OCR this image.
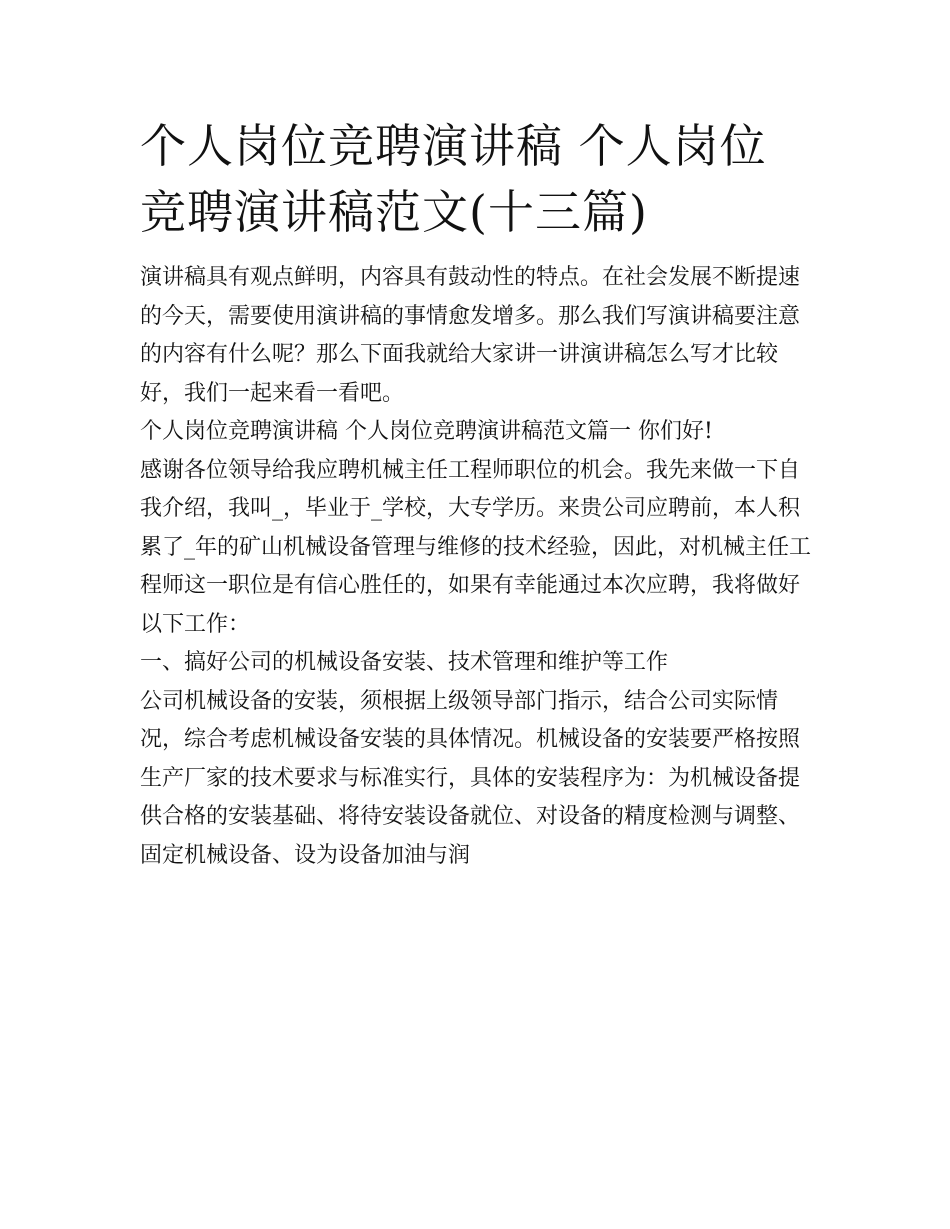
个人岗位竞聘演讲稿 个人岗位
竞聘演讲稿范文(十三篇)

演讲稿具有观点鲜明，内容具有鼓动性的特点。在社会发展不断提速的今天，需要使用演讲稿的事情愈发增多。那么我们写演讲稿要注意的内容有什么呢？那么下面我就给大家讲一讲演讲稿怎么写才比较好，我们一起来看一看吧。

个人岗位竞聘演讲稿 个人岗位竞聘演讲稿范文篇一 你们好!

感谢各位领导给我应聘机械主任工程师职位的机会。我先来做一下自我介绍，我叫_，毕业于_学校，大专学历。来贵公司应聘前，本人积累了_年的矿山机械设备管理与维修的技术经验，因此，对机械主任工程师这一职位是有信心胜任的，如果有幸能通过本次应聘，我将做好以下工作：

一、搞好公司的机械设备安装、技术管理和维护等工作

公司机械设备的安装，须根据上级领导部门指示，结合公司实际情况，综合考虑机械设备安装的具体情况。机械设备的安装要严格按照生产厂家的技术要求与标准实行，具体的安装程序为：为机械设备提供合格的安装基础、将待安装设备就位、对设备的精度检测与调整、固定机械设备、设为设备加油与润
